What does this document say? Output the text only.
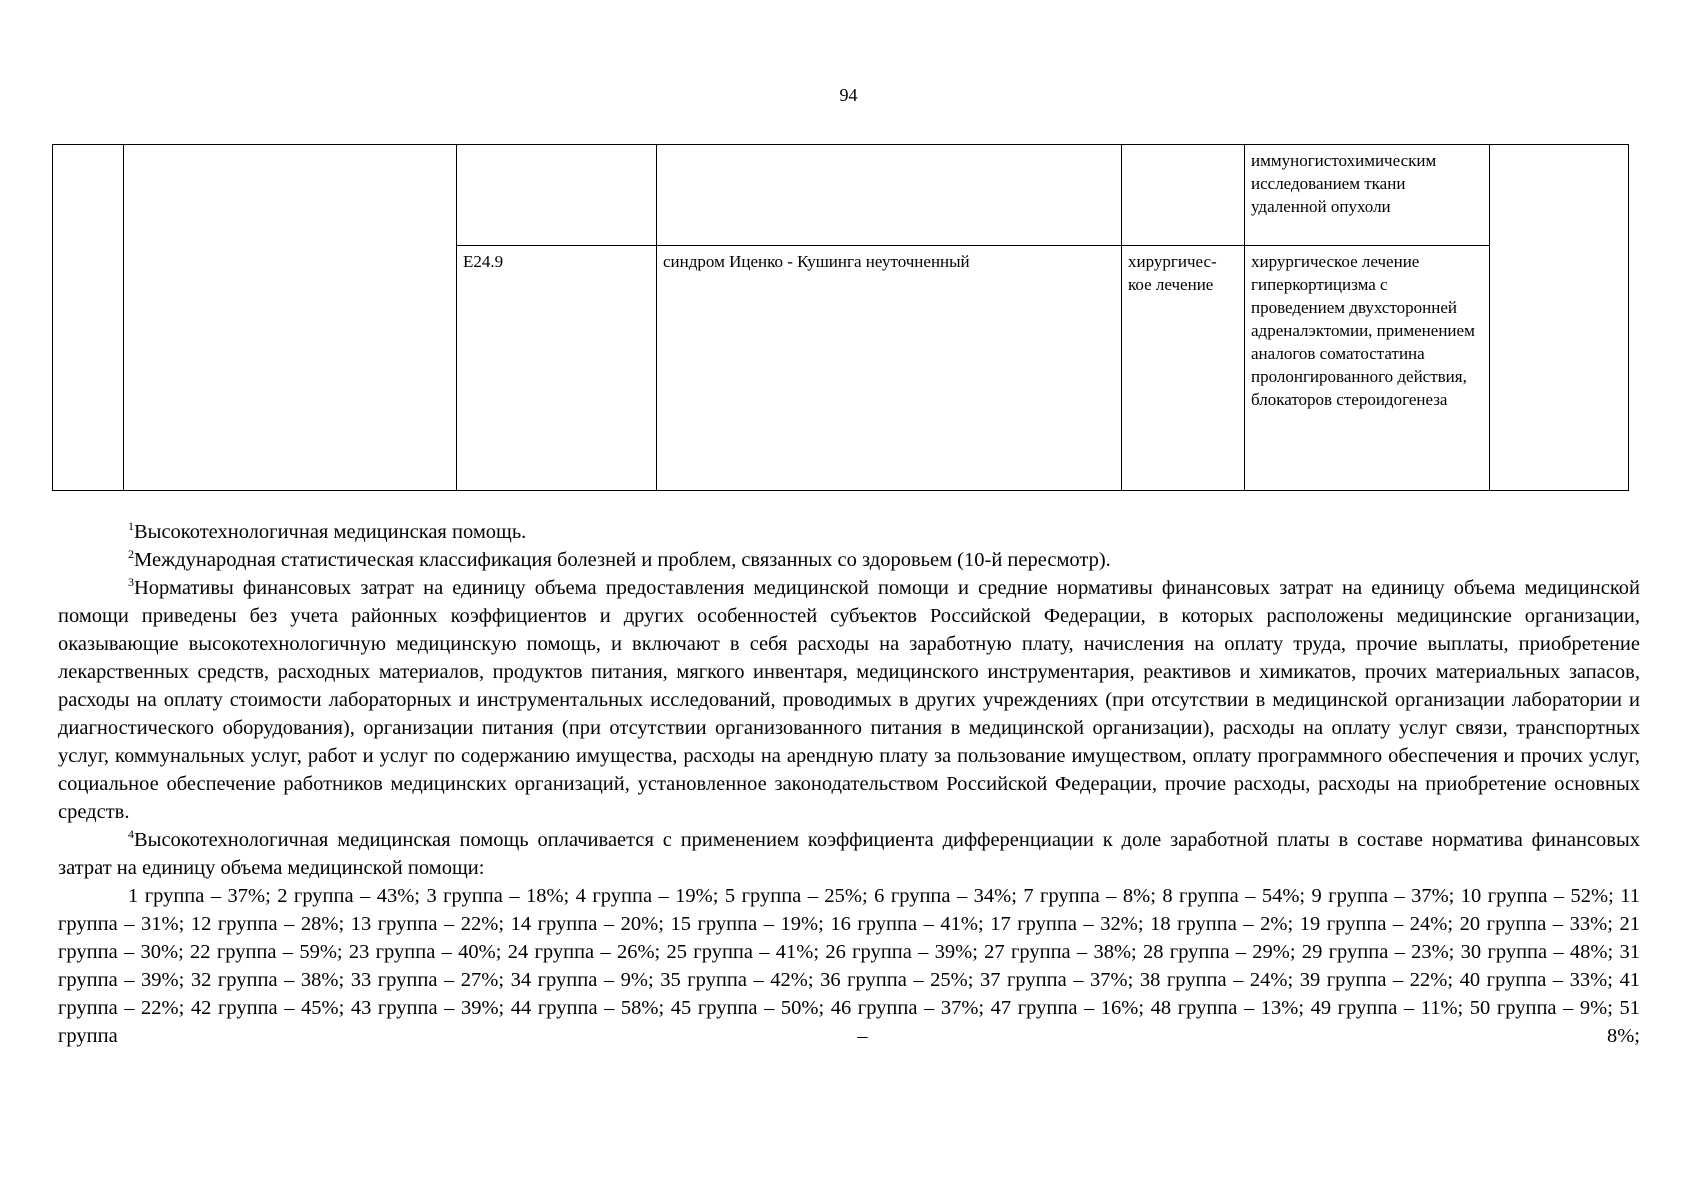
94
					иммуногистохимическим исследованием ткани удаленной опухоли	
		E24.9	синдром Иценко - Кушинга неуточненный	хирургичес-кое лечение	хирургическое лечение гиперкортицизма с проведением двухсторонней адреналэктомии, применением аналогов соматостатина пролонгированного действия, блокаторов стероидогенеза	

$^1$Высокотехнологичная медицинская помощь.

$^2$Международная статистическая классификация болезней и проблем, связанных со здоровьем (10-й пересмотр).

$^3$Нормативы финансовых затрат на единицу объема предоставления медицинской помощи и средние нормативы финансовых затрат на единицу объема медицинской помощи приведены без учета районных коэффициентов и других особенностей субъектов Российской Федерации, в которых расположены медицинские организации, оказывающие высокотехнологичную медицинскую помощь, и включают в себя расходы на заработную плату, начисления на оплату труда, прочие выплаты, приобретение лекарственных средств, расходных материалов, продуктов питания, мягкого инвентаря, медицинского инструментария, реактивов и химикатов, прочих материальных запасов, расходы на оплату стоимости лабораторных и инструментальных исследований, проводимых в других учреждениях (при отсутствии в медицинской организации лаборатории и диагностического оборудования), организации питания (при отсутствии организованного питания в медицинской организации), расходы на оплату услуг связи, транспортных услуг, коммунальных услуг, работ и услуг по содержанию имущества, расходы на арендную плату за пользование имуществом, оплату программного обеспечения и прочих услуг, социальное обеспечение работников медицинских организаций, установленное законодательством Российской Федерации, прочие расходы, расходы на приобретение основных средств.

$^4$Высокотехнологичная медицинская помощь оплачивается с применением коэффициента дифференциации к доле заработной платы в составе норматива финансовых затрат на единицу объема медицинской помощи:

1 группа – 37%; 2 группа – 43%; 3 группа – 18%; 4 группа – 19%; 5 группа – 25%; 6 группа – 34%; 7 группа – 8%; 8 группа – 54%; 9 группа – 37%; 10 группа – 52%; 11 группа – 31%; 12 группа – 28%; 13 группа – 22%; 14 группа – 20%; 15 группа – 19%; 16 группа – 41%; 17 группа – 32%; 18 группа – 2%; 19 группа – 24%; 20 группа – 33%; 21 группа – 30%; 22 группа – 59%; 23 группа – 40%; 24 группа – 26%; 25 группа – 41%; 26 группа – 39%; 27 группа – 38%; 28 группа – 29%; 29 группа – 23%; 30 группа – 48%; 31 группа – 39%; 32 группа – 38%; 33 группа – 27%; 34 группа – 9%; 35 группа – 42%; 36 группа – 25%; 37 группа – 37%; 38 группа – 24%; 39 группа – 22%; 40 группа – 33%; 41 группа – 22%; 42 группа – 45%; 43 группа – 39%; 44 группа – 58%; 45 группа – 50%; 46 группа – 37%; 47 группа – 16%; 48 группа – 13%; 49 группа – 11%; 50 группа – 9%; 51 группа – 8%;
